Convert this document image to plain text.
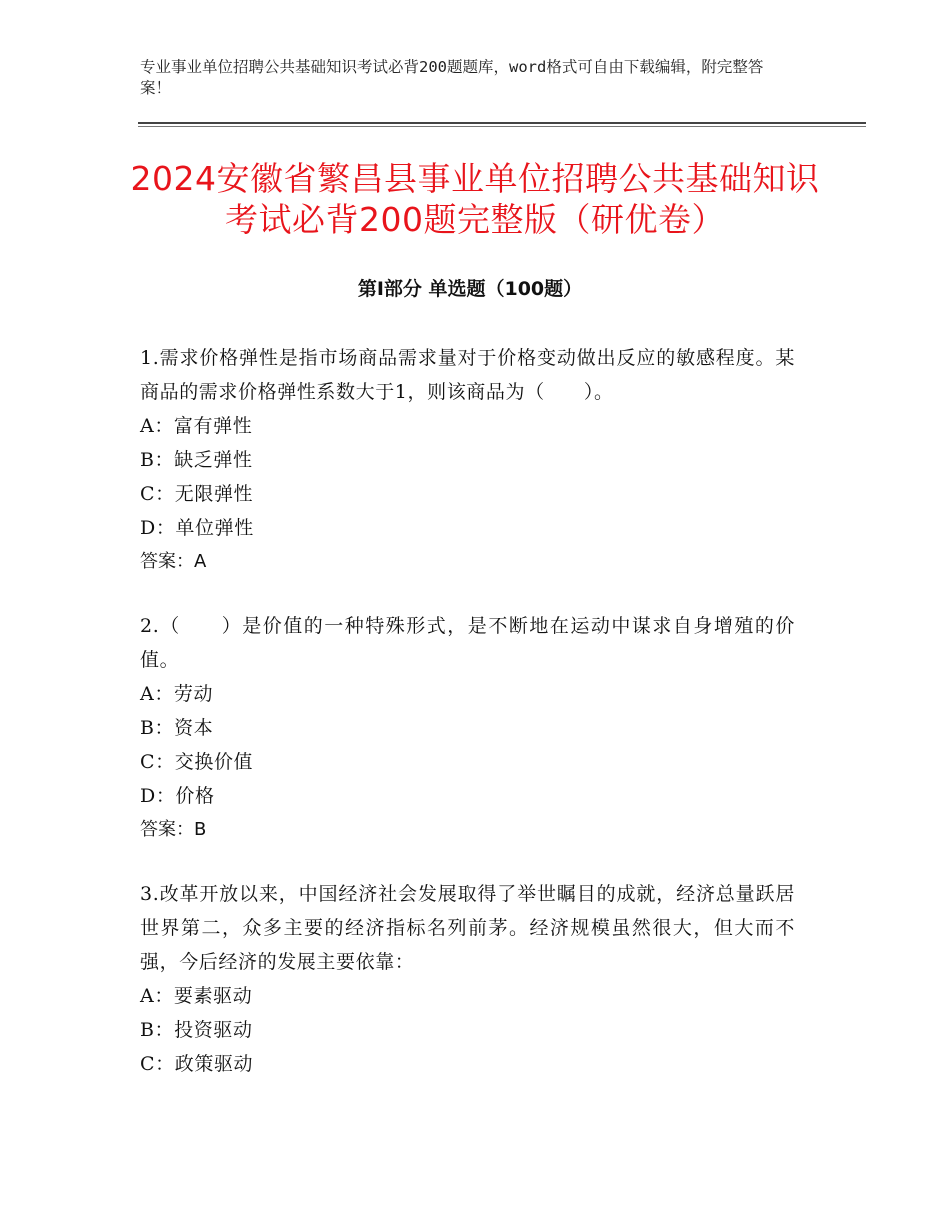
专业事业单位招聘公共基础知识考试必背200题题库，word格式可自由下载编辑，附完整答案！
2024安徽省繁昌县事业单位招聘公共基础知识考试必背200题完整版（研优卷）
第I部分 单选题（100题）

1.需求价格弹性是指市场商品需求量对于价格变动做出反应的敏感程度。某商品的需求价格弹性系数大于1，则该商品为（　　）。

A：富有弹性

B：缺乏弹性

C：无限弹性

D：单位弹性

答案：A

2.（　　）是价值的一种特殊形式，是不断地在运动中谋求自身增殖的价值。

A：劳动

B：资本

C：交换价值

D：价格

答案：B

3.改革开放以来，中国经济社会发展取得了举世瞩目的成就，经济总量跃居世界第二，众多主要的经济指标名列前茅。经济规模虽然很大，但大而不强，今后经济的发展主要依靠：

A：要素驱动

B：投资驱动

C：政策驱动
